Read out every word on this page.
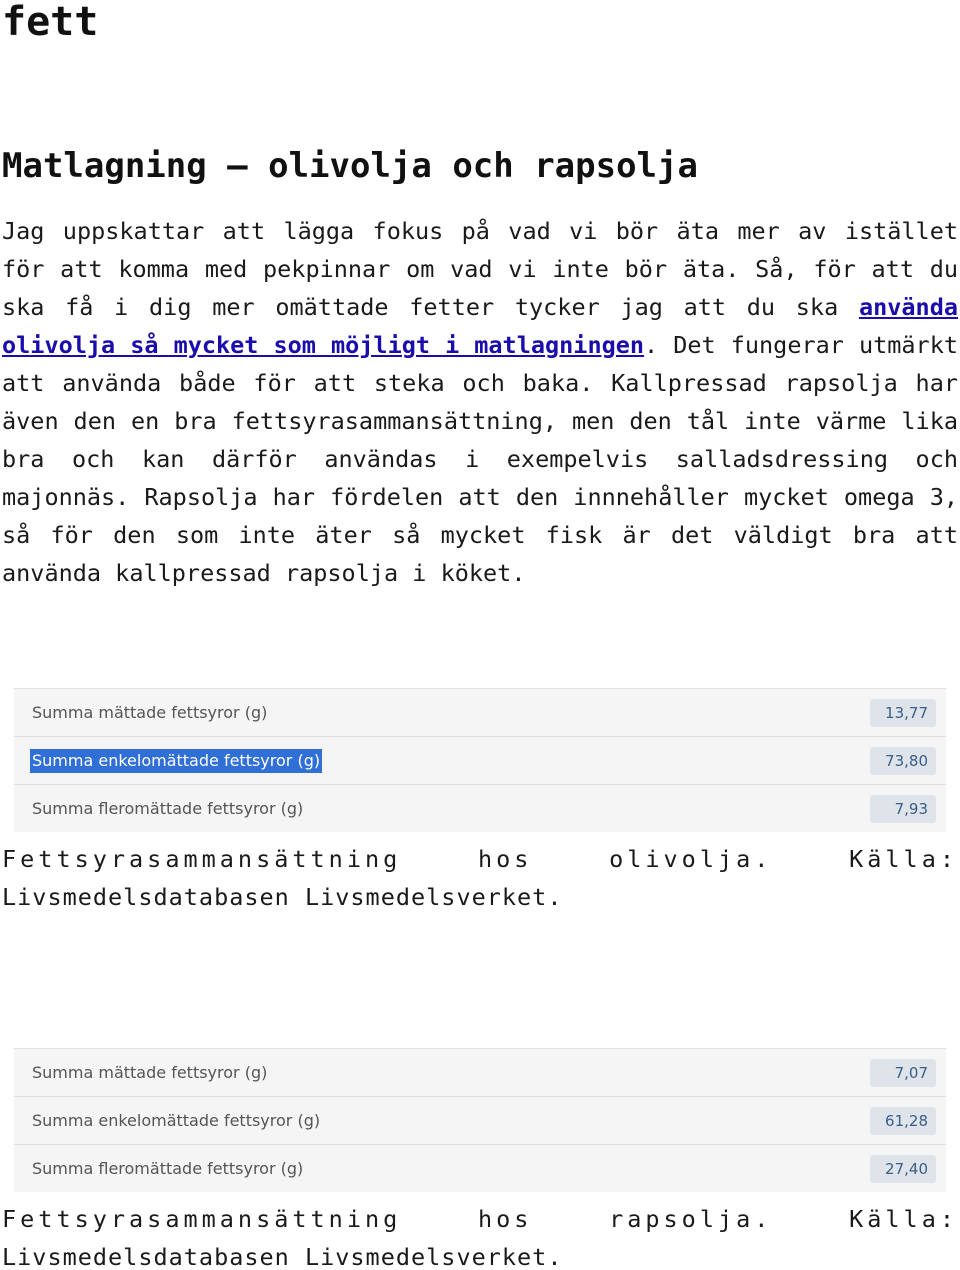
fett
Matlagning – olivolja och rapsolja

Jag uppskattar att lägga fokus på vad vi bör äta mer av istället för att komma med pekpinnar om vad vi inte bör äta. Så, för att du ska få i dig mer omättade fetter tycker jag att du ska använda olivolja så mycket som möjligt i matlagningen. Det fungerar utmärkt att använda både för att steka och baka. Kallpressad rapsolja har även den en bra fettsyrasammansättning, men den tål inte värme lika bra och kan därför användas i exempelvis salladsdressing och majonnäs. Rapsolja har fördelen att den innnehåller mycket omega 3, så för den som inte äter så mycket fisk är det väldigt bra att använda kallpressad rapsolja i köket.

Summa mättade fettsyror (g)	13,77
Summa enkelomättade fettsyror (g)	73,80
Summa fleromättade fettsyror (g)	7,93

Fettsyrasammansättning hos olivolja. Källa:
Livsmedelsdatabasen Livsmedelsverket.

Summa mättade fettsyror (g)	7,07
Summa enkelomättade fettsyror (g)	61,28
Summa fleromättade fettsyror (g)	27,40

Fettsyrasammansättning hos rapsolja. Källa:
Livsmedelsdatabasen Livsmedelsverket.
